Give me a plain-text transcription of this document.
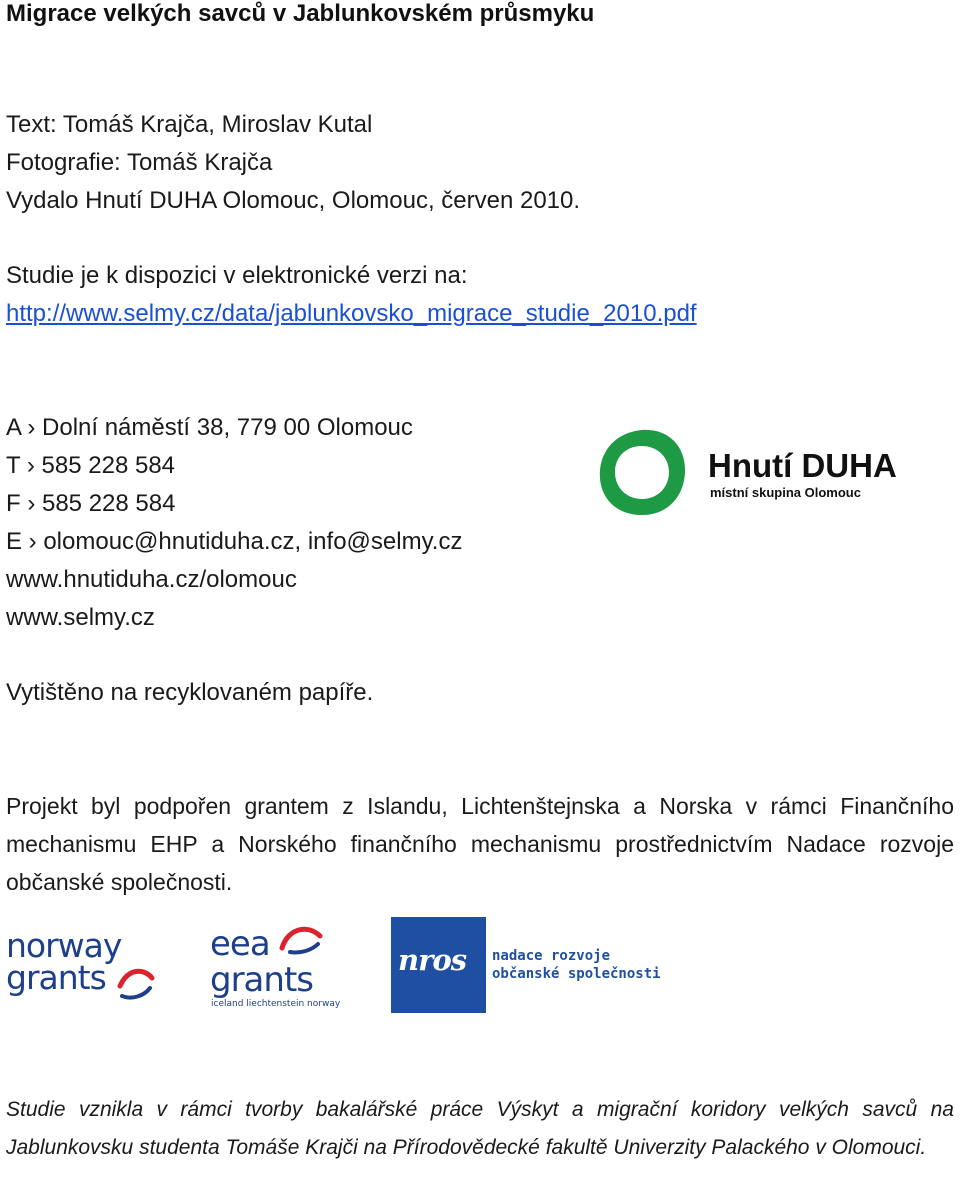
Migrace velkých savců v Jablunkovském průsmyku
Text: Tomáš Krajča, Miroslav Kutal
Fotografie: Tomáš Krajča
Vydalo Hnutí DUHA Olomouc, Olomouc, červen 2010.
Studie je k dispozici v elektronické verzi na:
http://www.selmy.cz/data/jablunkovsko_migrace_studie_2010.pdf
A › Dolní náměstí 38, 779 00 Olomouc
T › 585 228 584
F › 585 228 584
E › olomouc@hnutiduha.cz, info@selmy.cz
www.hnutiduha.cz/olomouc
www.selmy.cz
Hnutí DUHA
místní skupina Olomouc
Vytištěno na recyklovaném papíře.
Projekt byl podpořen grantem z Islandu, Lichtenštejnska a Norska v rámci Finančního mechanismu EHP a Norského finančního mechanismu prostřednictvím Nadace rozvoje občanské společnosti.
norway
grants
eea
grants
iceland liechtenstein norway
nros nadace rozvoje
občanské společnosti
Studie vznikla v rámci tvorby bakalářské práce Výskyt a migrační koridory velkých savců na Jablunkovsku studenta Tomáše Krajči na Přírodovědecké fakultě Univerzity Palackého v Olomouci.
